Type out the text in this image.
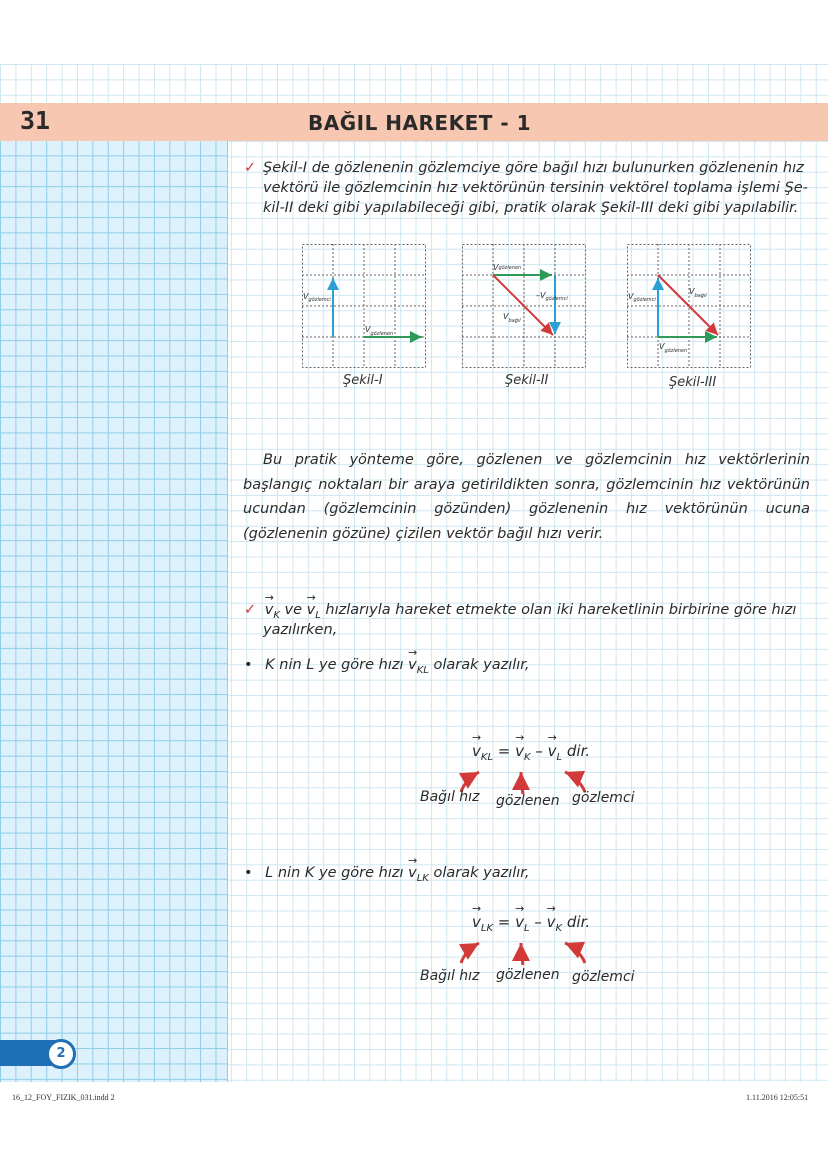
31	BAĞIL HAREKET - 1
✓ Şekil-I de gözlenenin gözlemciye göre bağıl hızı bulunurken gözlenenin hız
vektörü ile gözlemcinin hız vektörünün tersinin vektörel toplama işlemi Şe-
kil-II deki gibi yapılabileceği gibi, pratik olarak Şekil-III deki gibi yapılabilir.
$V_{gözlemci}$
$V_{gözlenen}$
Şekil-I
Vgözlenen
$-V_{gözlemci}$
$V_{bağıl}$
Şekil-II
$V_{gözlemci}$
$V_{bağıl}$
$V_{gözlenen}$
Şekil-III
Bu pratik yönteme göre, gözlenen ve gözlemcinin hız vektörlerinin başlangıç noktaları bir araya getirildikten sonra, gözlemcinin hız vektörünün ucundan (gözlemcinin gözünden) gözlenenin hız vektörünün ucuna (gözlenenin gözüne) çizilen vektör bağıl hızı verir.
✓ → $v_K$ ve → $v_L$ hızlarıyla hareket etmekte olan iki hareketlinin birbirine göre hızı
yazılırken,
• K nin L ye göre hızı → $v_{KL}$ olarak yazılır,
→ $v_{KL}$ = → $v_K$ – → $v_L$ dir.
Bağıl hız gözlenen gözlemci
• L nin K ye göre hızı → $v_{LK}$ olarak yazılır,
→ $v_{LK}$ = → $v_L$ – → $v_K$ dir.
Bağıl hız gözlenen gözlemci
2
16_12_FOY_FIZIK_031.indd 2	1.11.2016 12:05:51
